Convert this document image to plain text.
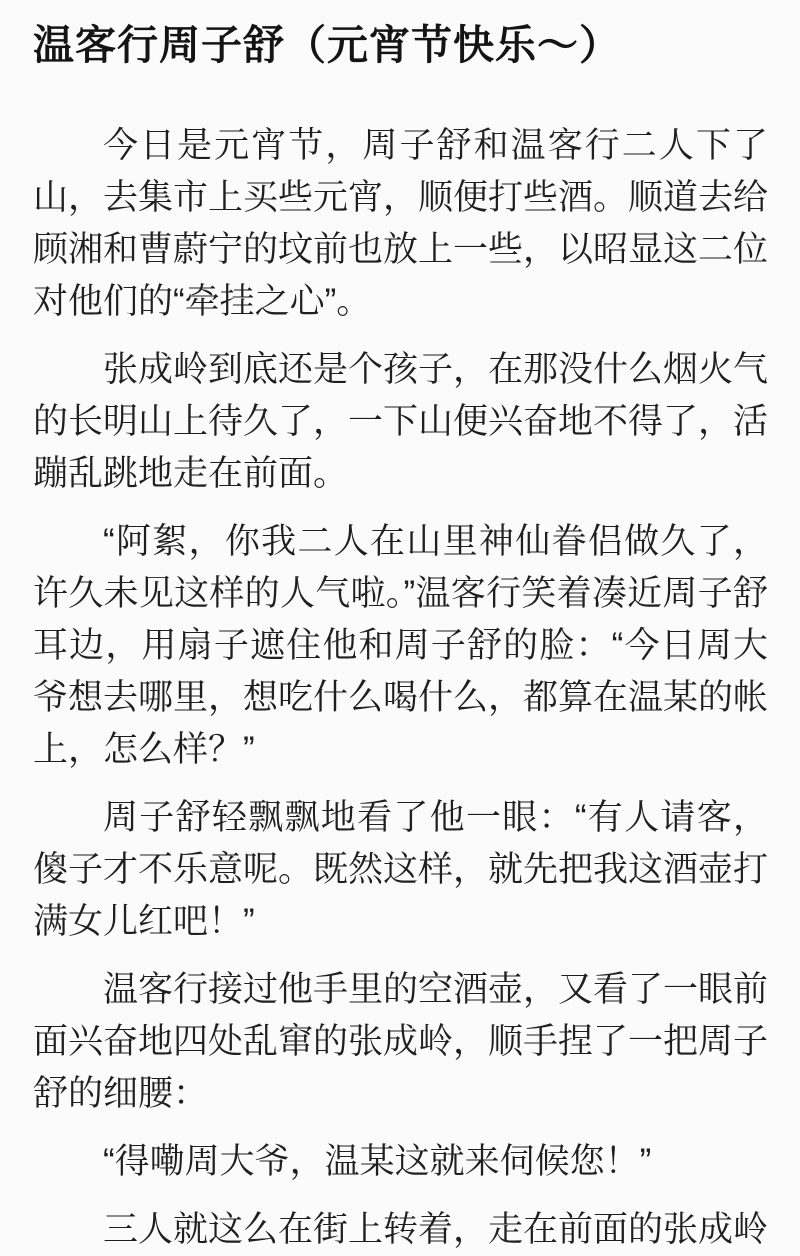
温客行周子舒（元宵节快乐～）

今日是元宵节，周子舒和温客行二人下了山，去集市上买些元宵，顺便打些酒。顺道去给顾湘和曹蔚宁的坟前也放上一些，以昭显这二位对他们的“牵挂之心”。

张成岭到底还是个孩子，在那没什么烟火气的长明山上待久了，一下山便兴奋地不得了，活蹦乱跳地走在前面。

“阿絮，你我二人在山里神仙眷侣做久了，许久未见这样的人气啦。”温客行笑着凑近周子舒耳边，用扇子遮住他和周子舒的脸：“今日周大爷想去哪里，想吃什么喝什么，都算在温某的帐上，怎么样？”

周子舒轻飘飘地看了他一眼：“有人请客，傻子才不乐意呢。既然这样，就先把我这酒壶打满女儿红吧！”

温客行接过他手里的空酒壶，又看了一眼前面兴奋地四处乱窜的张成岭，顺手捏了一把周子舒的细腰：

“得嘞周大爷，温某这就来伺候您！”

三人就这么在街上转着，走在前面的张成岭
